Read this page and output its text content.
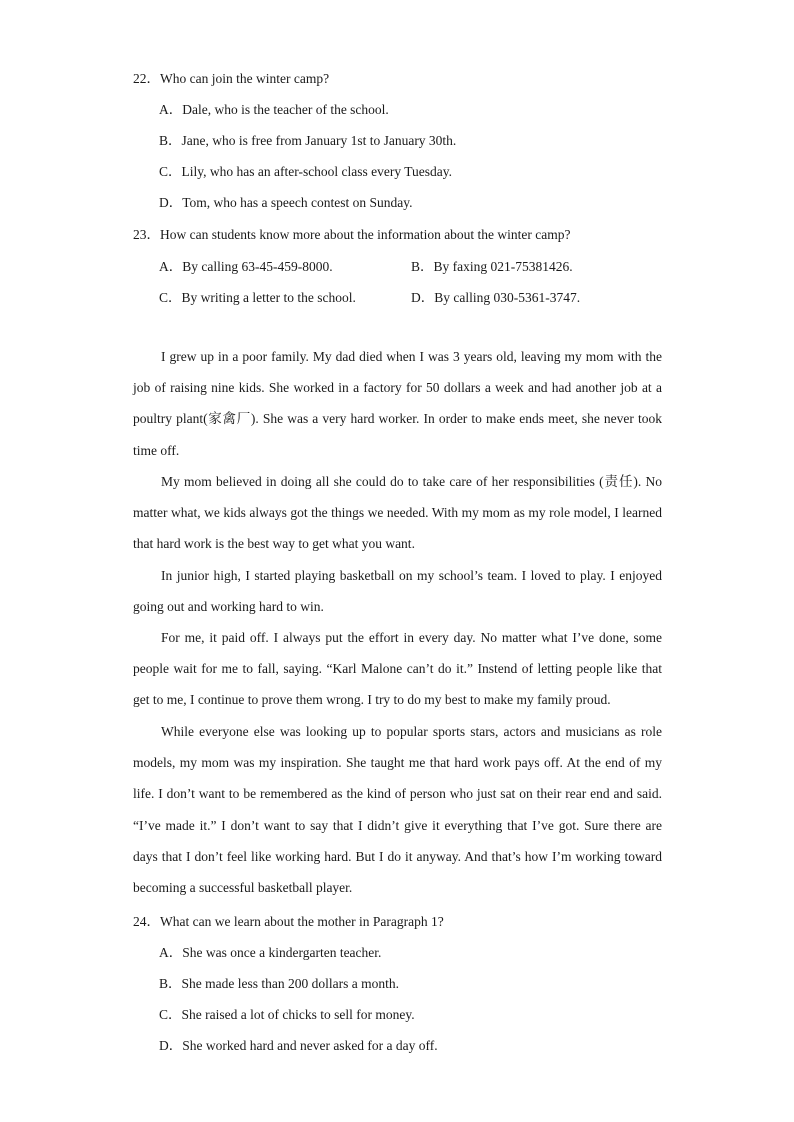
22．Who can join the winter camp?
A．Dale, who is the teacher of the school.
B．Jane, who is free from January 1st to January 30th.
C．Lily, who has an after-school class every Tuesday.
D．Tom, who has a speech contest on Sunday.
23．How can students know more about the information about the winter camp?
A．By calling 63-45-459-8000.	B．By faxing 021-75381426.
C．By writing a letter to the school.	D．By calling 030-5361-3747.

I grew up in a poor family. My dad died when I was 3 years old, leaving my mom with the job of raising nine kids. She worked in a factory for 50 dollars a week and had another job at a poultry plant(家禽厂). She was a very hard worker. In order to make ends meet, she never took time off.

My mom believed in doing all she could do to take care of her responsibilities (责任). No matter what, we kids always got the things we needed. With my mom as my role model, I learned that hard work is the best way to get what you want.

In junior high, I started playing basketball on my school’s team. I loved to play. I enjoyed going out and working hard to win.

For me, it paid off. I always put the effort in every day. No matter what I’ve done, some people wait for me to fall, saying. “Karl Malone can’t do it.” Instend of letting people like that get to me, I continue to prove them wrong. I try to do my best to make my family proud.

While everyone else was looking up to popular sports stars, actors and musicians as role models, my mom was my inspiration. She taught me that hard work pays off. At the end of my life. I don’t want to be remembered as the kind of person who just sat on their rear end and said. “I’ve made it.” I don’t want to say that I didn’t give it everything that I’ve got. Sure there are days that I don’t feel like working hard. But I do it anyway. And that’s how I’m working toward becoming a successful basketball player.

24．What can we learn about the mother in Paragraph 1?
A．She was once a kindergarten teacher.
B．She made less than 200 dollars a month.
C．She raised a lot of chicks to sell for money.
D．She worked hard and never asked for a day off.
